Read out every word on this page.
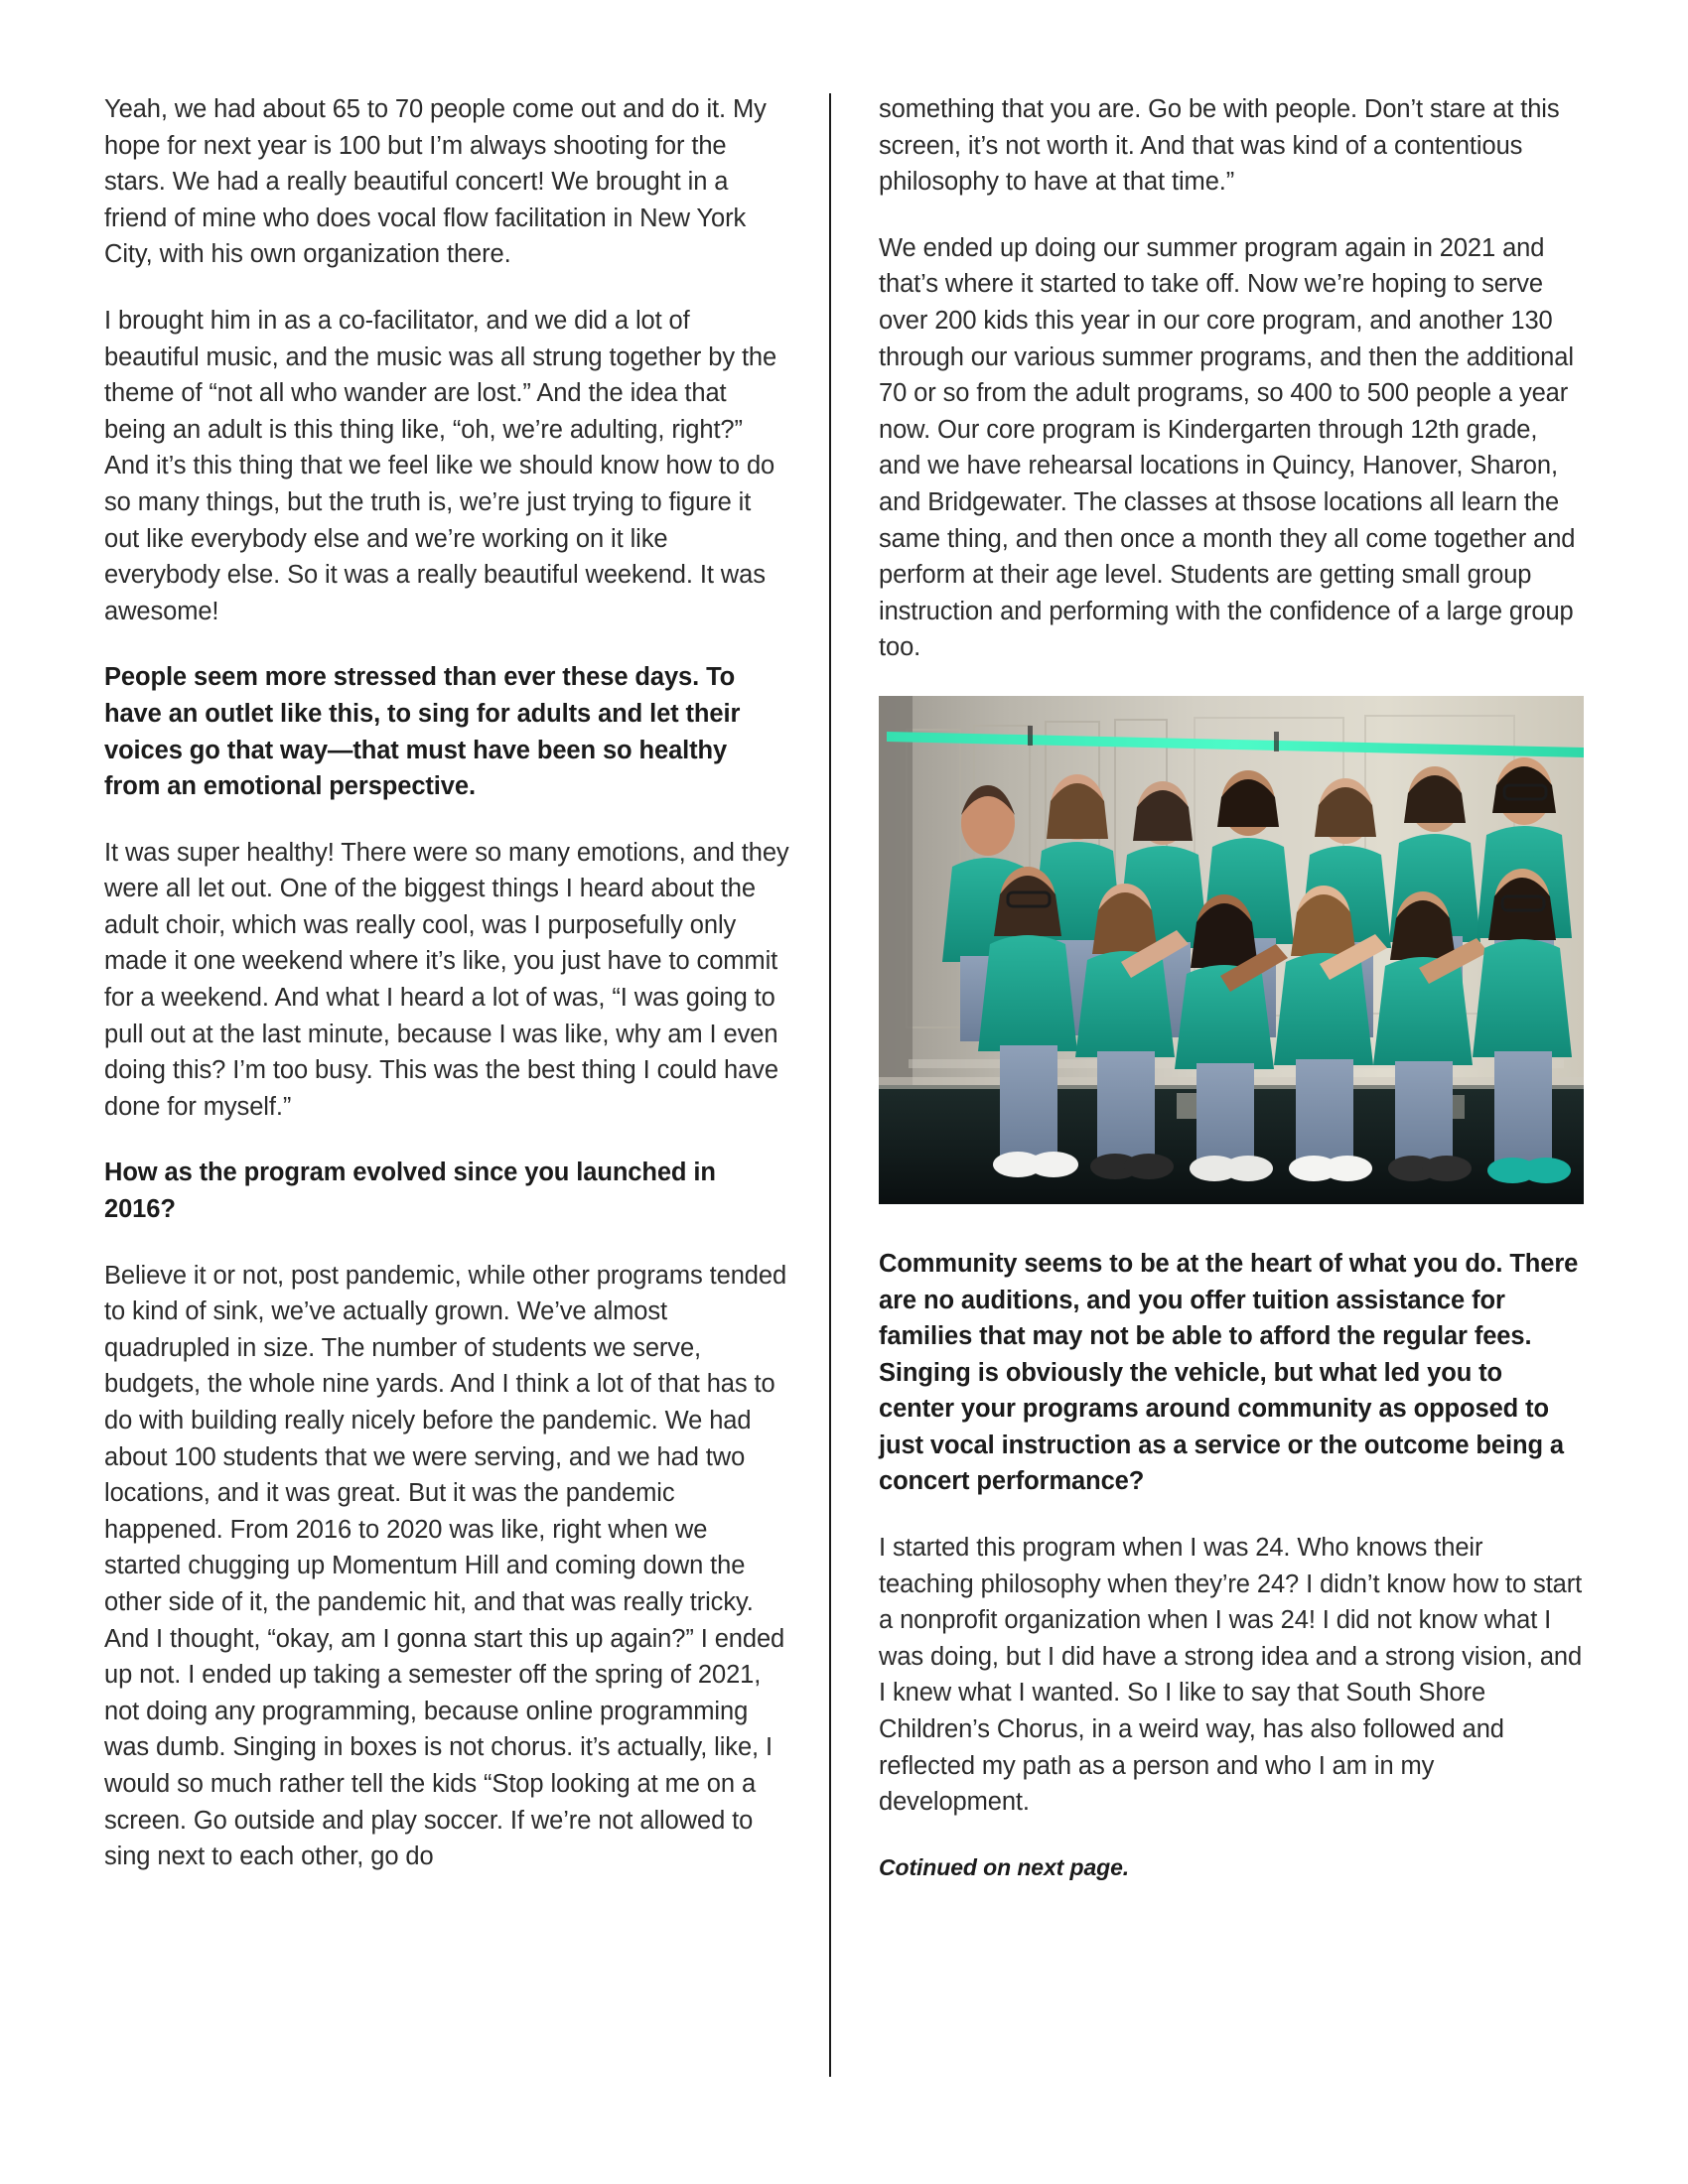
Yeah, we had about 65 to 70 people come out and do it. My hope for next year is 100 but I’m always shooting for the stars. We had a really beautiful concert! We brought in a friend of mine who does vocal flow facilitation in New York City, with his own organization there.

I brought him in as a co-facilitator, and we did a lot of beautiful music, and the music was all strung together by the theme of “not all who wander are lost.” And the idea that being an adult is this thing like, “oh, we’re adulting, right?” And it’s this thing that we feel like we should know how to do so many things, but the truth is, we’re just trying to figure it out like everybody else and we’re working on it like everybody else. So it was a really beautiful weekend. It was awesome!

People seem more stressed than ever these days. To have an outlet like this, to sing for adults and let their voices go that way—that must have been so healthy from an emotional perspective.

It was super healthy! There were so many emotions, and they were all let out. One of the biggest things I heard about the adult choir, which was really cool, was I purposefully only made it one weekend where it’s like, you just have to commit for a weekend. And what I heard a lot of was, “I was going to pull out at the last minute, because I was like, why am I even doing this? I’m too busy. This was the best thing I could have done for myself.”

How as the program evolved since you launched in 2016?

Believe it or not, post pandemic, while other programs tended to kind of sink, we’ve actually grown. We’ve almost quadrupled in size. The number of students we serve, budgets, the whole nine yards. And I think a lot of that has to do with building really nicely before the pandemic. We had about 100 students that we were serving, and we had two locations, and it was great. But it was the pandemic happened. From 2016 to 2020 was like, right when we started chugging up Momentum Hill and coming down the other side of it, the pandemic hit, and that was really tricky. And I thought, “okay, am I gonna start this up again?” I ended up not. I ended up taking a semester off the spring of 2021, not doing any programming, because online programming was dumb. Singing in boxes is not chorus. it’s actually, like, I would so much rather tell the kids “Stop looking at me on a screen. Go outside and play soccer. If we’re not allowed to sing next to each other, go do

something that you are. Go be with people. Don’t stare at this screen, it’s not worth it. And that was kind of a contentious philosophy to have at that time.”

We ended up doing our summer program again in 2021 and that’s where it started to take off. Now we’re hoping to serve over 200 kids this year in our core program, and another 130 through our various summer programs, and then the additional 70 or so from the adult programs, so 400 to 500 people a year now. Our core program is Kindergarten through 12th grade, and we have rehearsal locations in Quincy, Hanover, Sharon, and Bridgewater. The classes at thsose locations all learn the same thing, and then once a month they all come together and perform at their age level. Students are getting small group instruction and performing with the confidence of a large group too.

Community seems to be at the heart of what you do. There are no auditions, and you offer tuition assistance for families that may not be able to afford the regular fees. Singing is obviously the vehicle, but what led you to center your programs around community as opposed to just vocal instruction as a service or the outcome being a concert performance?

I started this program when I was 24. Who knows their teaching philosophy when they’re 24? I didn’t know how to start a nonprofit organization when I was 24! I did not know what I was doing, but I did have a strong idea and a strong vision, and I knew what I wanted. So I like to say that South Shore Children’s Chorus, in a weird way, has also followed and reflected my path as a person and who I am in my development.

Cotinued on next page.
